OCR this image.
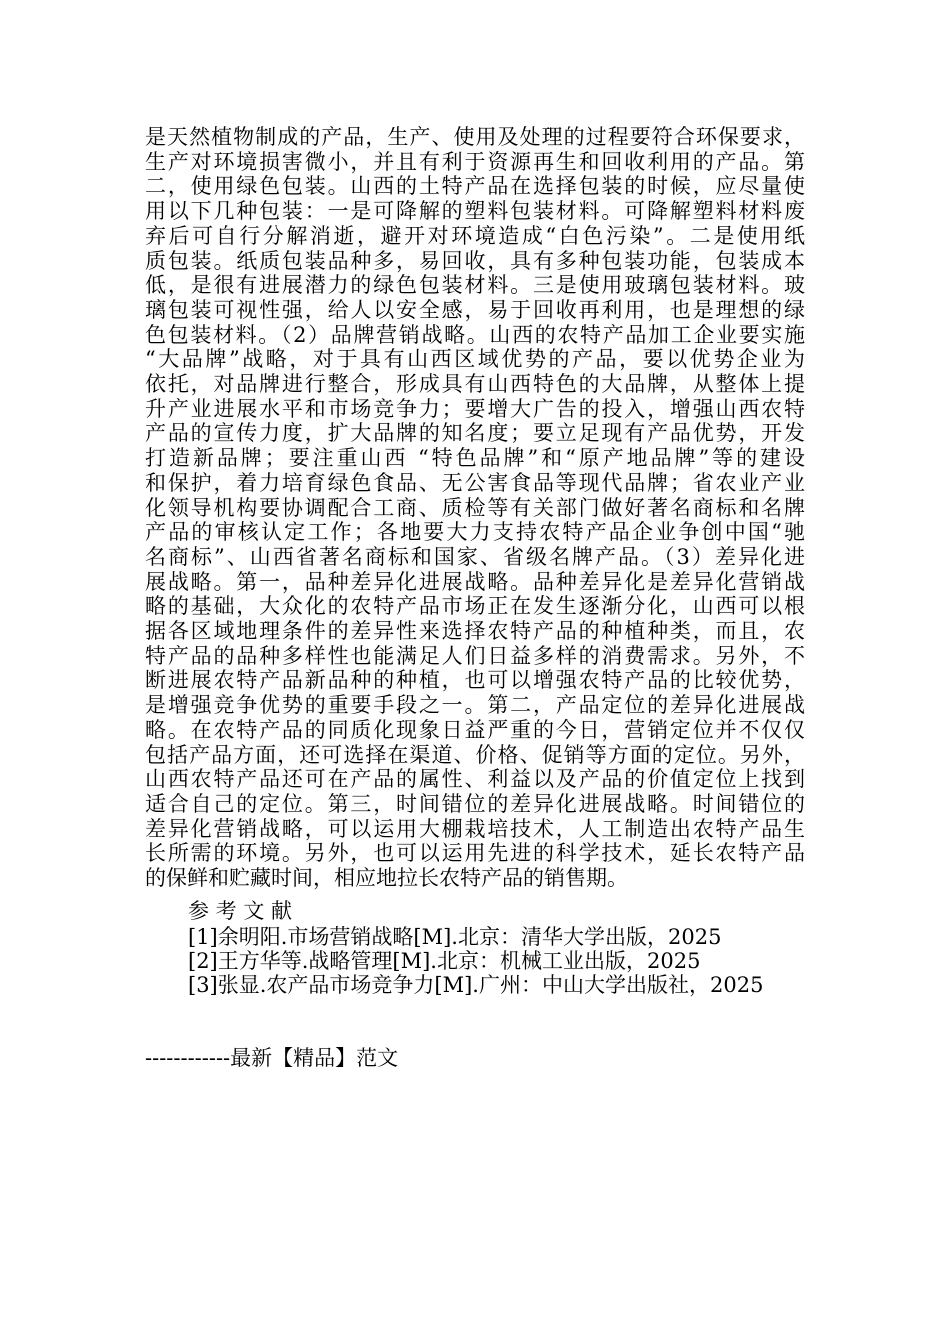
是天然植物制成的产品，生产、使用及处理的过程要符合环保要求，
生产对环境损害微小，并且有利于资源再生和回收利用的产品。第
二，使用绿色包装。山西的土特产品在选择包装的时候，应尽量使
用以下几种包装：一是可降解的塑料包装材料。可降解塑料材料废
弃后可自行分解消逝，避开对环境造成“白色污染”。二是使用纸
质包装。纸质包装品种多，易回收，具有多种包装功能，包装成本
低，是很有进展潜力的绿色包装材料。三是使用玻璃包装材料。玻
璃包装可视性强，给人以安全感，易于回收再利用，也是理想的绿
色包装材料。（2）品牌营销战略。山西的农特产品加工企业要实施
“大品牌”战略，对于具有山西区域优势的产品，要以优势企业为
依托，对品牌进行整合，形成具有山西特色的大品牌，从整体上提
升产业进展水平和市场竞争力；要增大广告的投入，增强山西农特
产品的宣传力度，扩大品牌的知名度；要立足现有产品优势，开发
打造新品牌；要注重山西 “特色品牌”和“原产地品牌”等的建设
和保护，着力培育绿色食品、无公害食品等现代品牌；省农业产业
化领导机构要协调配合工商、质检等有关部门做好著名商标和名牌
产品的审核认定工作；各地要大力支持农特产品企业争创中国“驰
名商标”、山西省著名商标和国家、省级名牌产品。（3）差异化进
展战略。第一，品种差异化进展战略。品种差异化是差异化营销战
略的基础，大众化的农特产品市场正在发生逐渐分化，山西可以根
据各区域地理条件的差异性来选择农特产品的种植种类，而且，农
特产品的品种多样性也能满足人们日益多样的消费需求。另外，不
断进展农特产品新品种的种植，也可以增强农特产品的比较优势，
是增强竞争优势的重要手段之一。第二，产品定位的差异化进展战
略。在农特产品的同质化现象日益严重的今日，营销定位并不仅仅
包括产品方面，还可选择在渠道、价格、促销等方面的定位。另外，
山西农特产品还可在产品的属性、利益以及产品的价值定位上找到
适合自己的定位。第三，时间错位的差异化进展战略。时间错位的
差异化营销战略，可以运用大棚栽培技术，人工制造出农特产品生
长所需的环境。另外，也可以运用先进的科学技术，延长农特产品
的保鲜和贮藏时间，相应地拉长农特产品的销售期。
参 考 文 献
[1]余明阳.市场营销战略[M].北京：清华大学出版，2025
[2]王方华等.战略管理[M].北京：机械工业出版，2025
[3]张显.农产品市场竞争力[M].广州：中山大学出版社，2025
------------最新【精品】范文
